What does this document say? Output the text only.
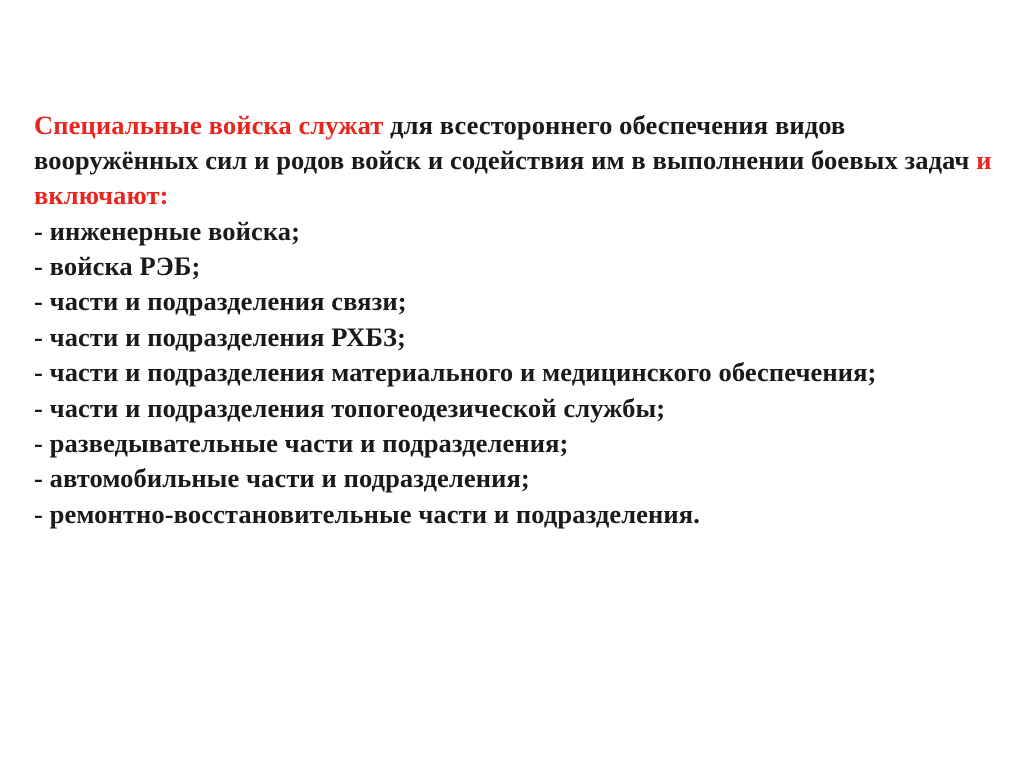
Специальные войска служат для всестороннего обеспечения видов вооружённых сил и родов войск и содействия им в выполнении боевых задач и включают:

- инженерные войска;
- войска РЭБ;
- части и подразделения связи;
- части и подразделения РХБЗ;
- части и подразделения материального и медицинского обеспечения;
- части и подразделения топогеодезической службы;
- разведывательные части и подразделения;
- автомобильные части и подразделения;
- ремонтно-восстановительные части и подразделения.
